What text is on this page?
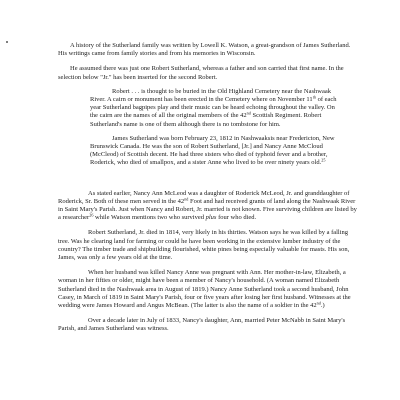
A history of the Sutherland family was written by Lowell K. Watson, a great-grandson of James Sutherland. His writings came from family stories and from his memories in Wisconsin.

He assumed there was just one Robert Sutherland, whereas a father and son carried that first name. In the selection below "Jr." has been inserted for the second Robert.

Robert . . . is thought to be buried in the Old Highland Cemetery near the Nashwaak River. A cairn or monument has been erected in the Cemetery where on November 11th of each year Sutherland bagpipes play and their music can be heard echoing throughout the valley. On the cairn are the names of all the original members of the 42nd Scottish Regiment. Robert Sutherland's name is one of them although there is no tombstone for him.

James Sutherland was born February 23, 1812 in Nashwaaksis near Fredericton, New Brunswick Canada. He was the son of Robert Sutherland, [Jr.] and Nancy Anne McCloud (McCleod) of Scottish decent. He had three sisters who died of typhoid fever and a brother, Roderick, who died of smallpox, and a sister Anne who lived to be over ninety years old.$^{25}$

As stated earlier, Nancy Ann McLeod was a daughter of Roderick McLeod, Jr. and granddaughter of Roderick, Sr. Both of these men served in the 42nd Foot and had received grants of land along the Nashwaak River in Saint Mary's Parish. Just when Nancy and Robert, Jr. married is not known. Five surviving children are listed by a researcher$^{26}$ while Watson mentions two who survived plus four who died.

Robert Sutherland, Jr. died in 1814, very likely in his thirties. Watson says he was killed by a falling tree. Was he clearing land for farming or could he have been working in the extensive lumber industry of the country? The timber trade and shipbuilding flourished, white pines being especially valuable for masts. His son, James, was only a few years old at the time.

When her husband was killed Nancy Anne was pregnant with Ann. Her mother-in-law, Elizabeth, a woman in her fifties or older, might have been a member of Nancy's household. (A woman named Elizabeth Sutherland died in the Nashwaak area in August of 1819.) Nancy Anne Sutherland took a second husband, John Casey, in March of 1819 in Saint Mary's Parish, four or five years after losing her first husband. Witnesses at the wedding were James Howard and Angus McBean. (The latter is also the name of a soldier in the 42nd.)

Over a decade later in July of 1833, Nancy's daughter, Ann, married Peter McNabb in Saint Mary's Parish, and James Sutherland was witness.
